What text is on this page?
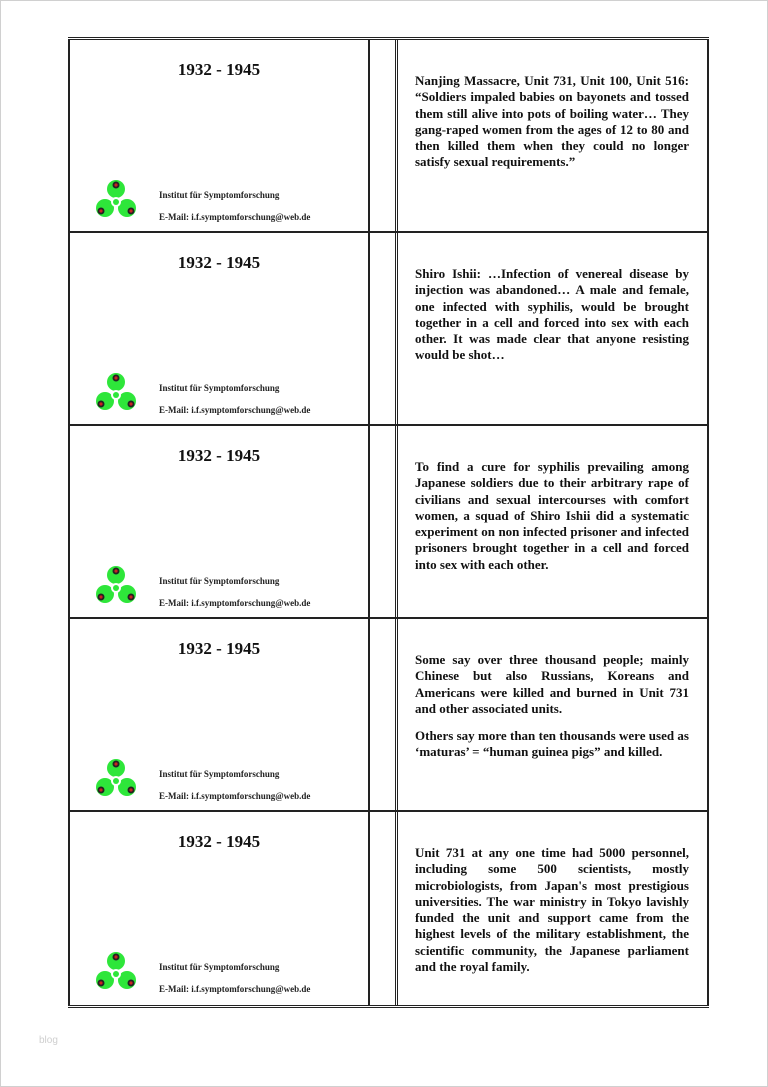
1932 - 1945
Institut für Symptomforschung
E-Mail: i.f.symptomforschung@web.de

Nanjing Massacre, Unit 731, Unit 100, Unit 516: “Soldiers impaled babies on bayonets and tossed them still alive into pots of boiling water… They gang-raped women from the ages of 12 to 80 and then killed them when they could no longer satisfy sexual requirements.”

1932 - 1945
Institut für Symptomforschung
E-Mail: i.f.symptomforschung@web.de

Shiro Ishii: …Infection of venereal disease by injection was abandoned… A male and female, one infected with syphilis, would be brought together in a cell and forced into sex with each other. It was made clear that anyone resisting would be shot…

1932 - 1945
Institut für Symptomforschung
E-Mail: i.f.symptomforschung@web.de

To find a cure for syphilis prevailing among Japanese soldiers due to their arbitrary rape of civilians and sexual intercourses with comfort women, a squad of Shiro Ishii did a systematic experiment on non infected prisoner and infected prisoners brought together in a cell and forced into sex with each other.

1932 - 1945
Institut für Symptomforschung
E-Mail: i.f.symptomforschung@web.de

Some say over three thousand people; mainly Chinese but also Russians, Koreans and Americans were killed and burned in Unit 731 and other associated units.

Others say more than ten thousands were used as ‘maturas’ = “human guinea pigs” and killed.

1932 - 1945
Institut für Symptomforschung
E-Mail: i.f.symptomforschung@web.de

Unit 731 at any one time had 5000 personnel, including some 500 scientists, mostly microbiologists, from Japan's most prestigious universities. The war ministry in Tokyo lavishly funded the unit and support came from the highest levels of the military establishment, the scientific community, the Japanese parliament and the royal family.

blog
